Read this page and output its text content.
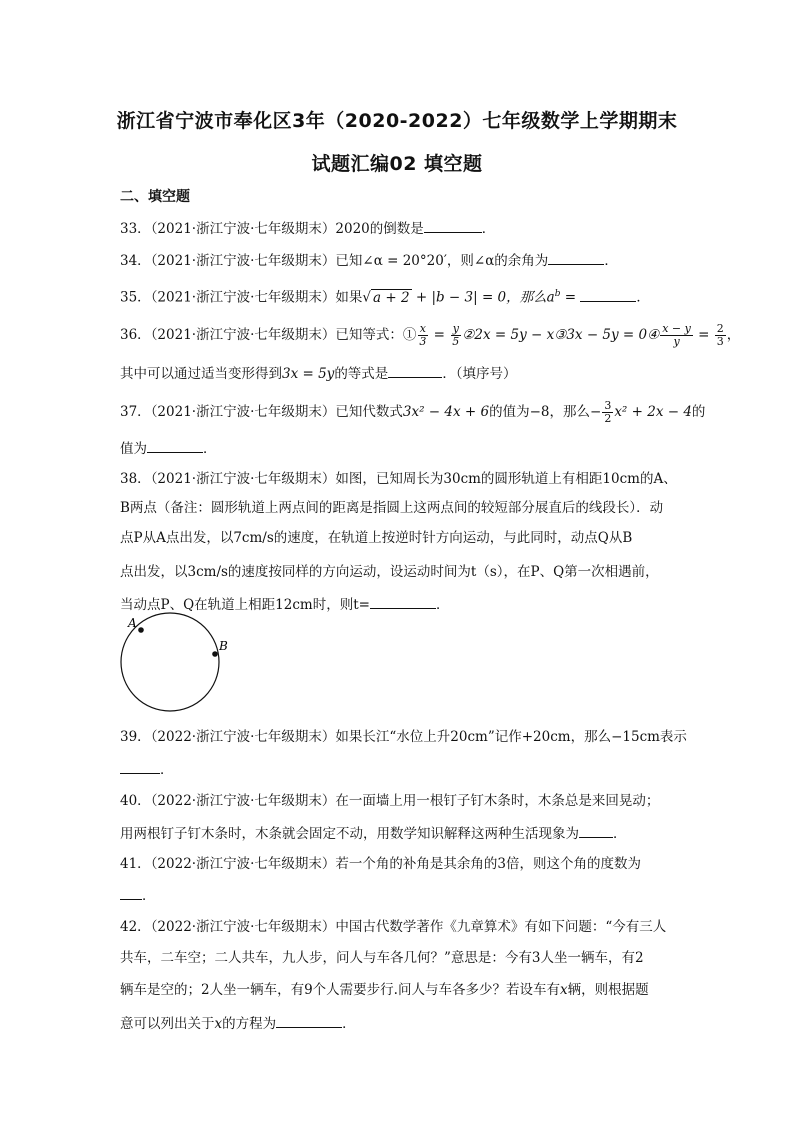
浙江省宁波市奉化区3年（2020-2022）七年级数学上学期期末
试题汇编02 填空题
二、填空题
33．（2021·浙江宁波·七年级期末）2020的倒数是	．
34．（2021·浙江宁波·七年级期末）已知∠α = 20°20′，则∠α的余角为	．
35．（2021·浙江宁波·七年级期末）如果√ a + 2 + |b − 3| = 0，那么$a^b$ =	．
36．（2021·浙江宁波·七年级期末）已知等式：① $\frac{x}{3} = \frac{y}{5}$ ②2x = 5y − x③3x − 5y = 0④ $\frac{x - y}{y} = \frac{2}{3}$ ，
其中可以通过适当变形得到3x = 5y的等式是	．（填序号）
37．（2021·浙江宁波·七年级期末）已知代数式3x² − 4x + 6的值为−8，那么− $\frac{3}{2} x^2 + 2x - 4$的
值为	．
38．（2021·浙江宁波·七年级期末）如图，已知周长为30cm的圆形轨道上有相距10cm的A、
B两点（备注：圆形轨道上两点间的距离是指圆上这两点间的较短部分展直后的线段长）．动
点P从A点出发，以7cm/s的速度，在轨道上按逆时针方向运动，与此同时，动点Q从B
点出发，以3cm/s的速度按同样的方向运动，设运动时间为t（s），在P、Q第一次相遇前，
当动点P、Q在轨道上相距12cm时，则t=	．
A
B
39．（2022·浙江宁波·七年级期末）如果长江“水位上升20cm”记作+20cm，那么−15cm表示
．
40．（2022·浙江宁波·七年级期末）在一面墙上用一根钉子钉木条时，木条总是来回晃动；
用两根钉子钉木条时，木条就会固定不动，用数学知识解释这两种生活现象为	．
41．（2022·浙江宁波·七年级期末）若一个角的补角是其余角的3倍，则这个角的度数为
．
42．（2022·浙江宁波·七年级期末）中国古代数学著作《九章算术》有如下问题：“今有三人
共车，二车空；二人共车，九人步，问人与车各几何？”意思是：今有3人坐一辆车，有2
辆车是空的；2人坐一辆车，有9个人需要步行.问人与车各多少？若设车有x辆，则根据题
意可以列出关于x的方程为	．
